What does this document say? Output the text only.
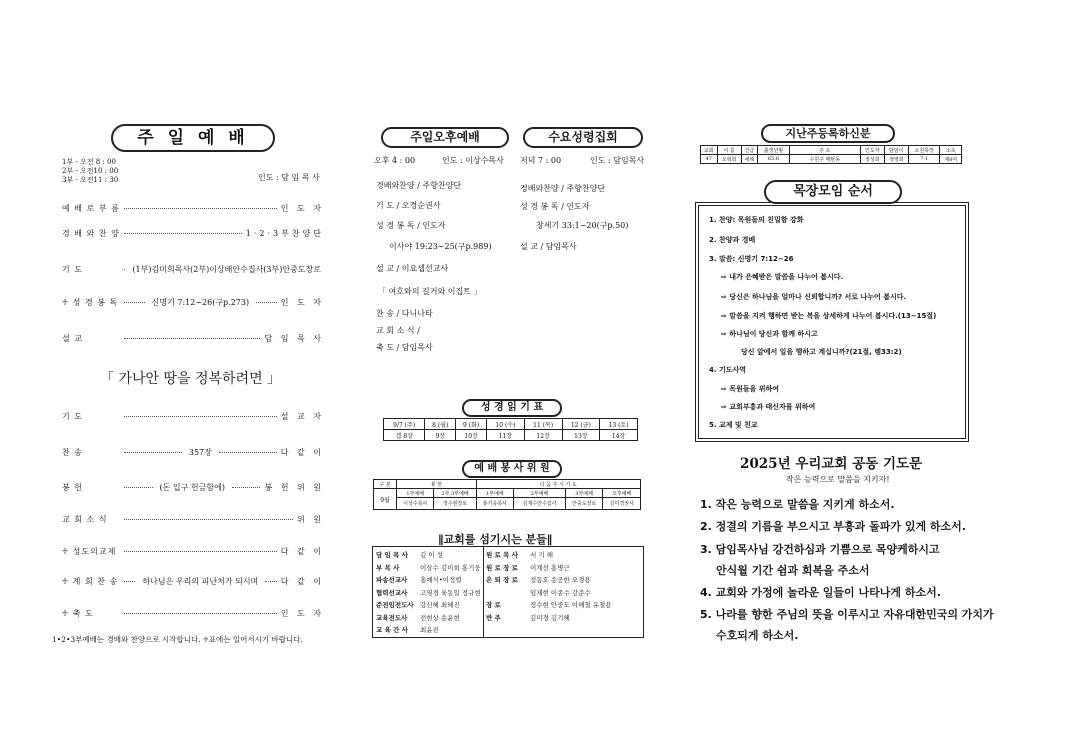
주 일 예 배
1부 - 오전 8 : 00
2부 - 오전10 : 00
3부 - 오전11 : 30	인도 : 담 임 목 사
예 배 로 부 름	인 도 자
경 배 와 찬 양	1·2·3부찬양단
기 도	(1부)김미희목사(2부)이상배안수집사(3부)안중도장로
♱ 성 경 봉 독	신명기 7:12~26(구p.273)	인 도 자
설 교	담 임 목 사
「 가나안 땅을 정복하려면 」
기 도	설 교 자
찬 송	357장	다 같 이
봉 헌	(돈 입구 헌금함에)	봉 헌 위 원
교 회 소 식	위 원
♱ 성도의교제	다 같 이
♱ 계 회 찬 송	하나님은 우리의 피난처가 되시며	다 같 이
♱ 축 도	인 도 자
1•2•3부예배는 경배와 찬양으로 시작합니다. ♱표에는 일어서시기 바랍니다.
주일오후예배	수요성령집회
오후 4 : 00	인도 : 이상수목사
경배와찬양 / 주향찬양단
기 도 / 오경순권사
성 경 봉 독 / 인도자
이사야 19:23~25(구p.989)
설 교 / 이요셉선교사
「 여호와의 길거와 이집트 」
찬 송 / 다니나타
교 회 소 식 /
축 도 / 담임목사
저녁 7 : 00	인도 : 담임목사
경배와찬양 / 주향찬양단
성 경 봉 독 / 인도자
창세기 33:1~20(구p.50)
설 교 / 담임목사
성 경 읽 기 표
9/7 (주)	8 (월)	9 (화)	10 (수)	11 (목)	12 (금)	13 (토)
겔 8장	9장	10장	11장	12장	13장	14장
예 배 봉 사 위 원
구 분	봉 헌		다 음 주 식 기 도			
9월	1부예배	2부,3부예배	1부예배	2부예배	3부예배	오후예배
	이상수목사	정수현장로	홍기웅목사	김재수안수집사	안중도장로	김미경권사
∥교회를 섬기시는 분들∥
담 임 목 사 김 이 성
부 목 사	이상수 김미희 홍기웅
파송선교사 홍예식•이정렬
협력선교사 고영경 육동일 정규현
준전임전도사 강신혜 최혜진
교육전도사 전현상 송윤현
교 육 간 사 최윤진
원 로 목 사 서 기 해
원 로 장 로 이계선 홍병근
은 퇴 장 로 정동호 송공한 오경용
임재현 이종수 강준수
장 로	정수현 안중도 이해철 유철용
반 주	김미경 김기혜
지난주등록하신분
교회	이 름	신급	출생년월	주 소	인도자	담임이	소원목장	소속
47	오혁희	세례	65.6	수원구 매탄동	정성희	정영희	7-1	제8여
목장모임 순서
1. 찬양: 목원들의 친밀함 강화
2. 찬양과 경배
3. 말씀: 신명기 7:12~26
⇨ 내가 은혜받은 말씀을 나누어 봅시다.
⇨ 당신은 하나님을 얼마나 신뢰합니까? 서로 나누어 봅시다.
⇨ 말씀을 지켜 행하면 받는 복을 상세하게 나누어 봅시다.(13~15절)
⇨ 하나님이 당신과 함께 하시고
당신 앞에서 일을 행하고 계십니까?(21절, 렘33:2)
4. 기도사역
⇨ 목원들을 위하여
⇨ 교회부흥과 태신자를 위하여
5. 교제 및 친교
2025년 우리교회 공동 기도문
작은 능력으로 말씀을 지키자!
1. 작은 능력으로 말씀을 지키게 하소서.
2. 정결의 기름을 부으시고 부흥과 돌파가 있게 하소서.
3. 담임목사님 강건하심과 기쁨으로 목양케하시고
안식월 기간 쉼과 회복을 주소서
4. 교회와 가정에 놀라운 일들이 나타나게 하소서.
5. 나라를 향한 주님의 뜻을 이루시고 자유대한민국의 가치가
수호되게 하소서.
